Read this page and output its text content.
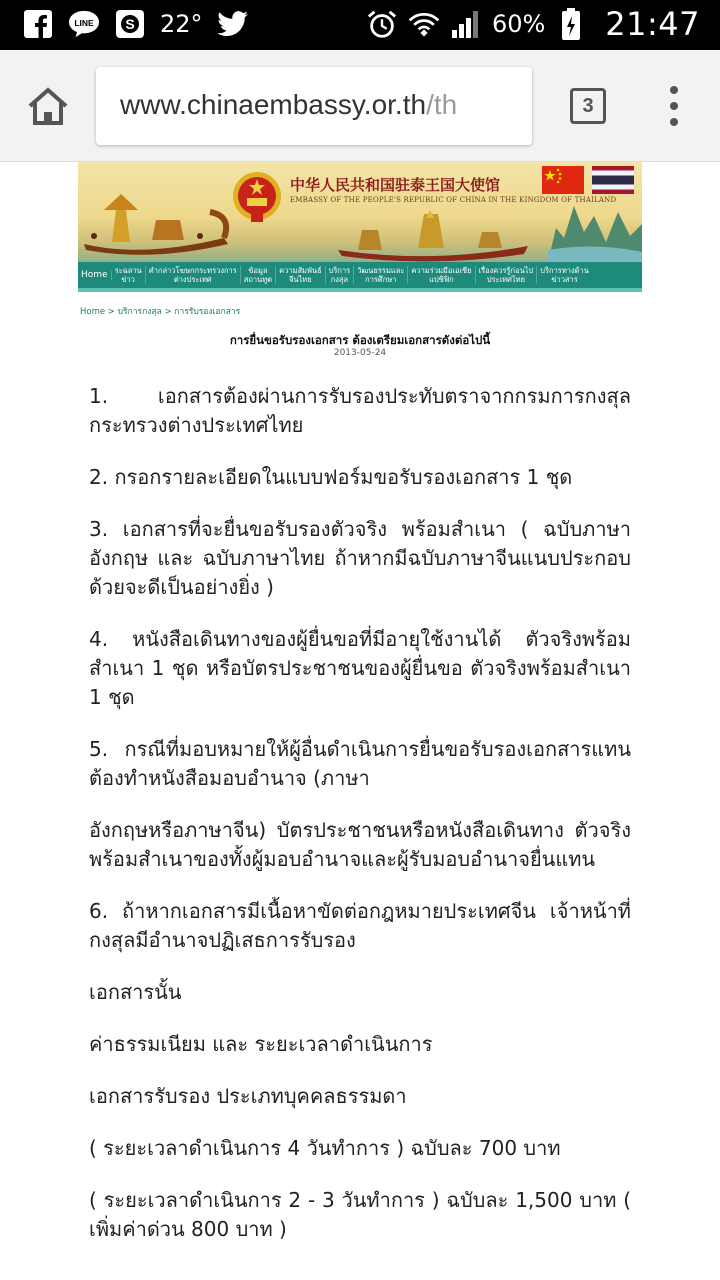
LINE S 22°	60% 21:47
www.chinaembassy.or.th/th	3
中华人民共和国驻泰王国大使馆
EMBASSY OF THE PEOPLE'S REPUBLIC OF CHINA IN THE KINGDOM OF THAILAND
Home ระฉลาน
ข่าว
คำกล่าวโฆษกกระทรวงการ
ต่างประเทศ
ข้อมูล
สถานทูต
ความสัมพันธ์
จีนไทย
บริการ
กงสุล
วัฒนธรรมและ
การศึกษา
ความร่วมมือเอเชีย
แปซิฟิก
เรื่องควรรู้ก่อนไป
ประเทศไทย
บริการทางด้าน
ข่าวสาร
Home > บริการกงสุล > การรับรองเอกสาร
การยื่นขอรับรองเอกสาร ต้องเตรียมเอกสารดังต่อไปนี้
2013-05-24

1. เอกสารต้องผ่านการรับรองประทับตราจากกรมการกงสุล กระทรวงต่างประเทศไทย

2. กรอกรายละเอียดในแบบฟอร์มขอรับรองเอกสาร 1 ชุด

3. เอกสารที่จะยื่นขอรับรองตัวจริง พร้อมสำเนา ( ฉบับภาษาอังกฤษ และ ฉบับภาษาไทย ถ้าหากมีฉบับภาษาจีนแนบประกอบด้วยจะดีเป็นอย่างยิ่ง )

4. หนังสือเดินทางของผู้ยื่นขอที่มีอายุใช้งานได้ ตัวจริงพร้อมสำเนา 1 ชุด หรือบัตรประชาชนของผู้ยื่นขอ ตัวจริงพร้อมสำเนา 1 ชุด

5. กรณีที่มอบหมายให้ผู้อื่นดำเนินการยื่นขอรับรองเอกสารแทน ต้องทำหนังสือมอบอำนาจ (ภาษา

อังกฤษหรือภาษาจีน) บัตรประชาชนหรือหนังสือเดินทาง ตัวจริงพร้อมสำเนาของทั้งผู้มอบอำนาจและผู้รับมอบอำนาจยื่นแทน

6. ถ้าหากเอกสารมีเนื้อหาขัดต่อกฎหมายประเทศจีน เจ้าหน้าที่กงสุลมีอำนาจปฏิเสธการรับรอง

เอกสารนั้น

ค่าธรรมเนียม และ ระยะเวลาดำเนินการ

เอกสารรับรอง ประเภทบุคคลธรรมดา

( ระยะเวลาดำเนินการ 4 วันทำการ ) ฉบับละ 700 บาท

( ระยะเวลาดำเนินการ 2 - 3 วันทำการ ) ฉบับละ 1,500 บาท ( เพิ่มค่าด่วน 800 บาท )
